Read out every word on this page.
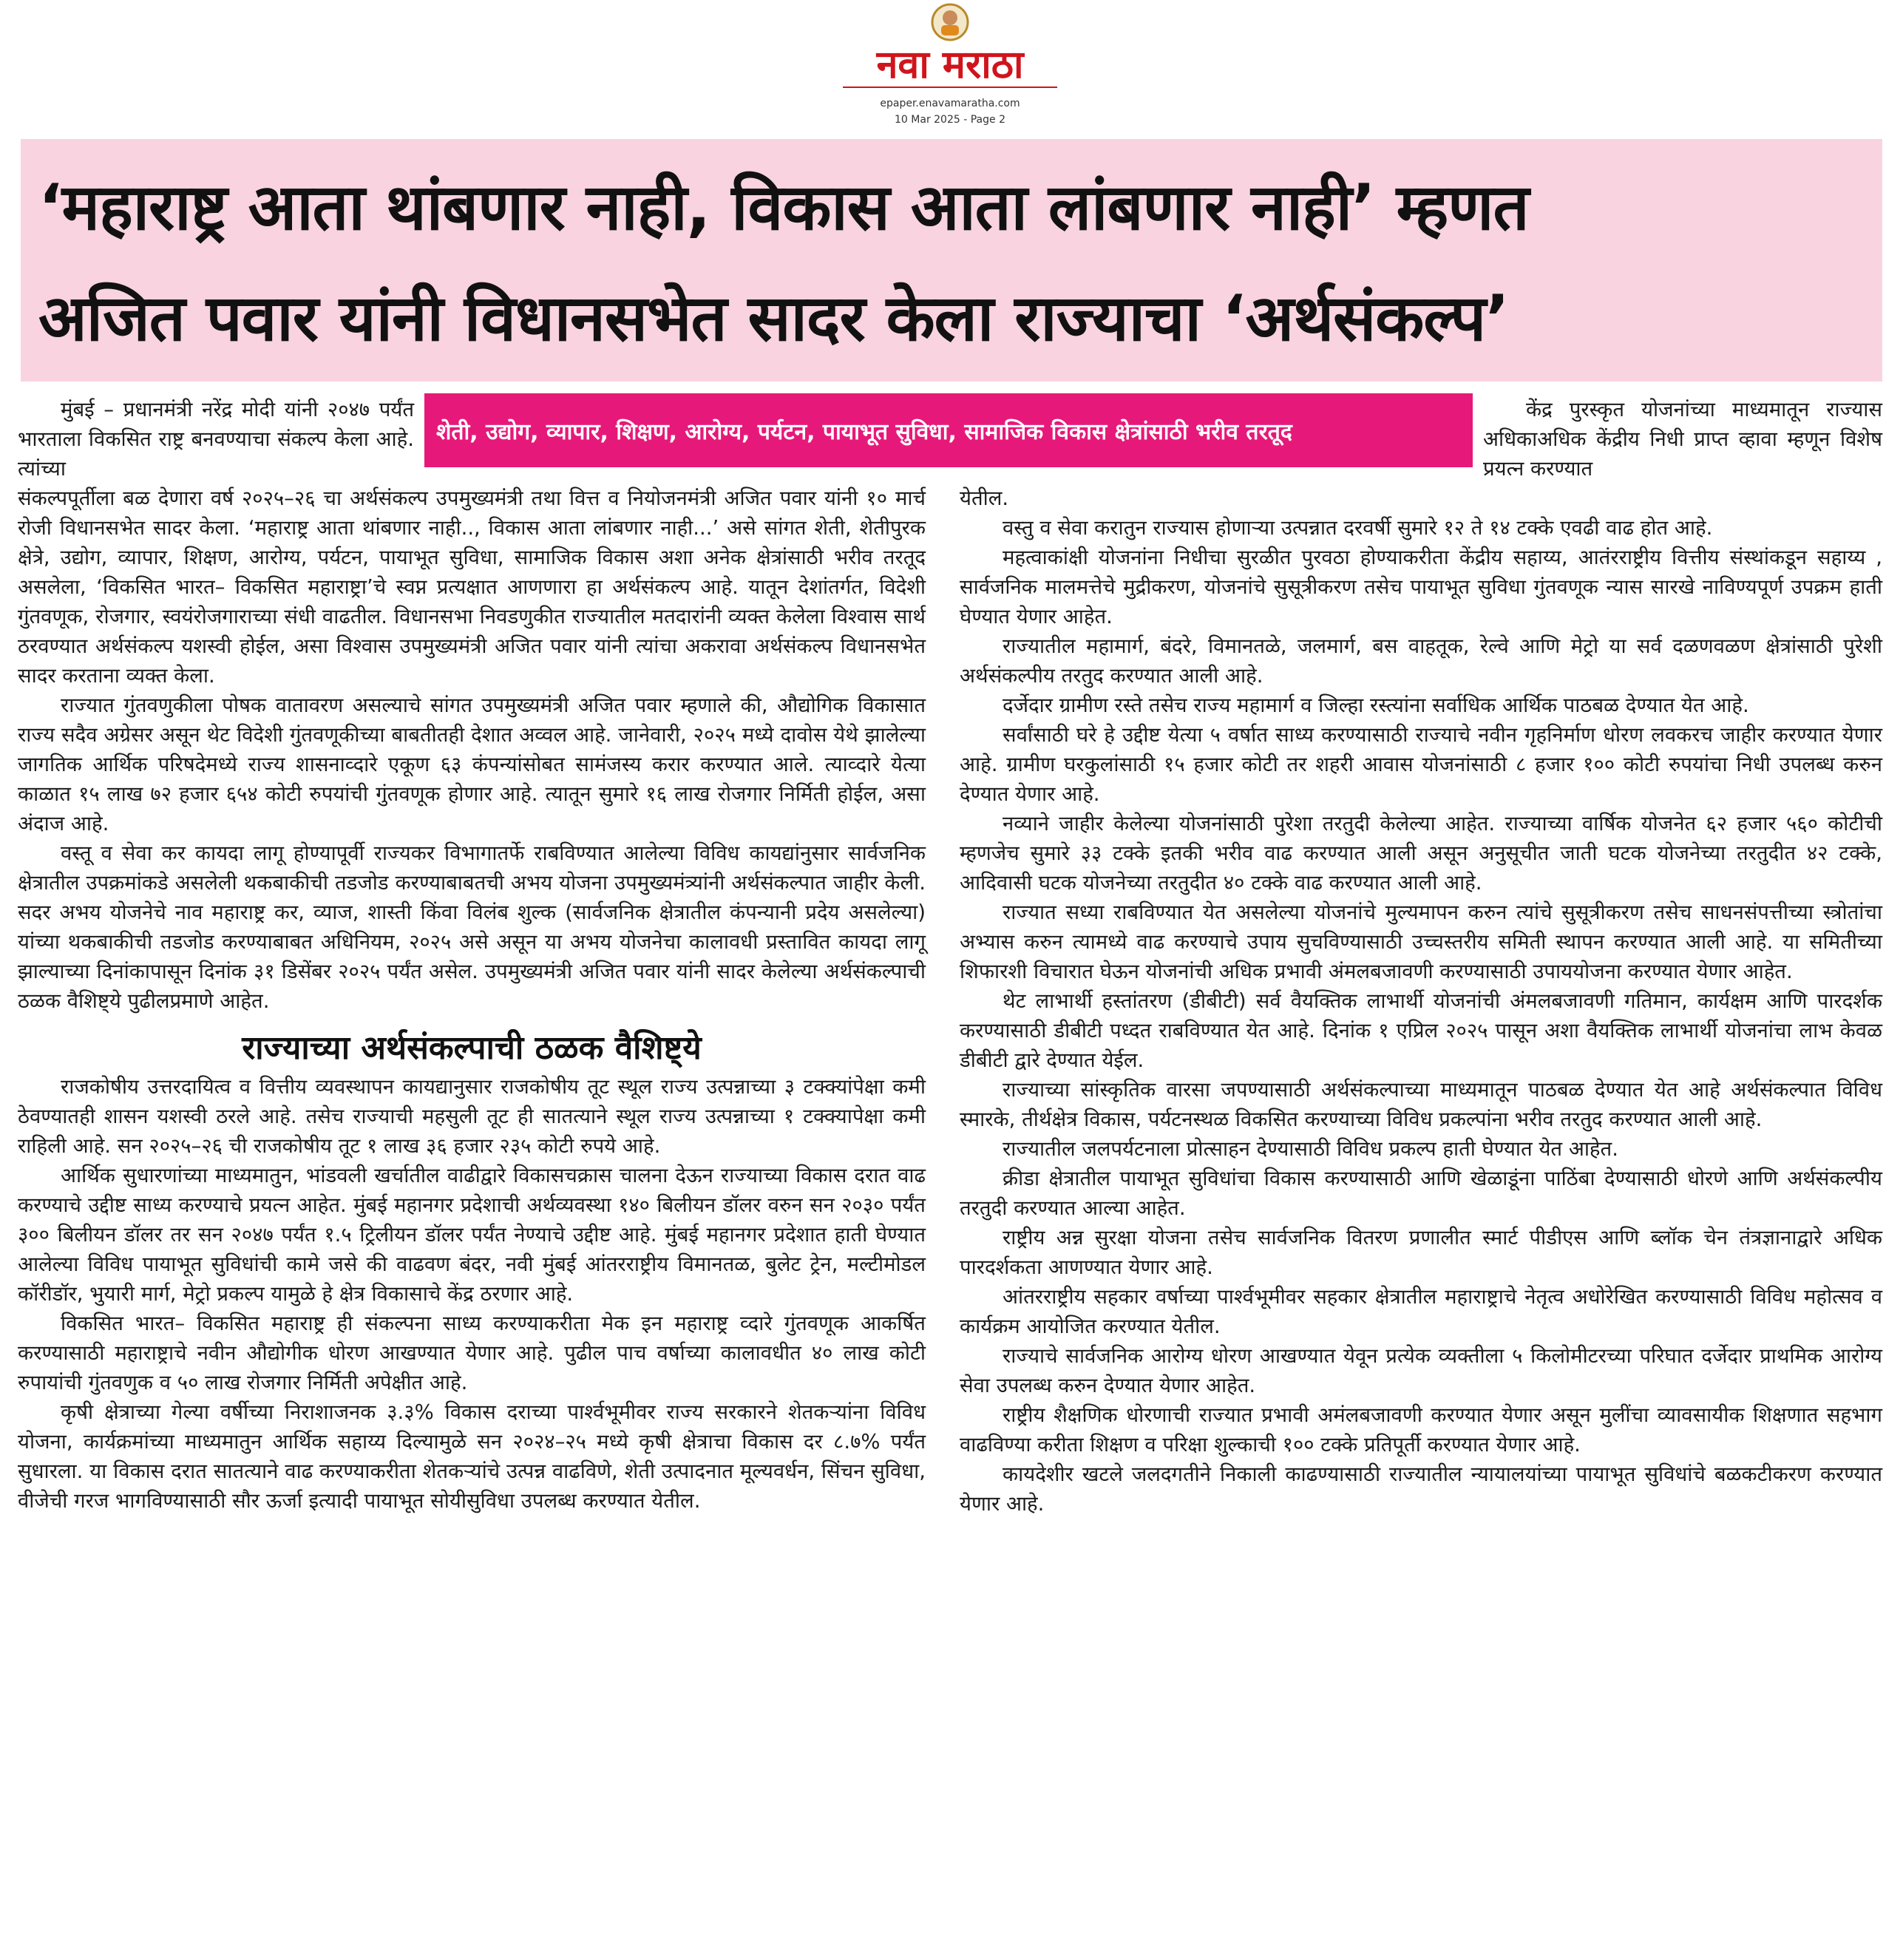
नवा मराठा
epaper.enavamaratha.com
10 Mar 2025 - Page 2
‘महाराष्ट्र आता थांबणार नाही, विकास आता लांबणार नाही’ म्हणत
अजित पवार यांनी विधानसभेत सादर केला राज्याचा ‘अर्थसंकल्प’
शेती, उद्योग, व्यापार, शिक्षण, आरोग्य, पर्यटन, पायाभूत सुविधा, सामाजिक विकास क्षेत्रांसाठी भरीव तरतूद

मुंबई – प्रधानमंत्री नरेंद्र मोदी यांनी २०४७ पर्यंत भारताला विकसित राष्ट्र बनवण्याचा संकल्प केला आहे. त्यांच्या

संकल्पपूर्तीला बळ देणारा वर्ष २०२५–२६ चा अर्थसंकल्प उपमुख्यमंत्री तथा वित्त व नियोजनमंत्री अजित पवार यांनी १० मार्च रोजी विधानसभेत सादर केला. ‘महाराष्ट्र आता थांबणार नाही.., विकास आता लांबणार नाही...’ असे सांगत शेती, शेतीपुरक क्षेत्रे, उद्योग, व्यापार, शिक्षण, आरोग्य, पर्यटन, पायाभूत सुविधा, सामाजिक विकास अशा अनेक क्षेत्रांसाठी भरीव तरतूद असलेला, ‘विकसित भारत– विकसित महाराष्ट्रा’चे स्वप्न प्रत्यक्षात आणणारा हा अर्थसंकल्प आहे. यातून देशांतर्गत, विदेशी गुंतवणूक, रोजगार, स्वयंरोजगाराच्या संधी वाढतील. विधानसभा निवडणुकीत राज्यातील मतदारांनी व्यक्त केलेला विश्वास सार्थ ठरवण्यात अर्थसंकल्प यशस्वी होईल, असा विश्वास उपमुख्यमंत्री अजित पवार यांनी त्यांचा अकरावा अर्थसंकल्प विधानसभेत सादर करताना व्यक्त केला.

राज्यात गुंतवणुकीला पोषक वातावरण असल्याचे सांगत उपमुख्यमंत्री अजित पवार म्हणाले की, औद्योगिक विकासात राज्य सदैव अग्रेसर असून थेट विदेशी गुंतवणूकीच्या बाबतीतही देशात अव्वल आहे. जानेवारी, २०२५ मध्ये दावोस येथे झालेल्या जागतिक आर्थिक परिषदेमध्ये राज्य शासनाव्दारे एकूण ६३ कंपन्यांसोबत सामंजस्य करार करण्यात आले. त्याव्दारे येत्या काळात १५ लाख ७२ हजार ६५४ कोटी रुपयांची गुंतवणूक होणार आहे. त्यातून सुमारे १६ लाख रोजगार निर्मिती होईल, असा अंदाज आहे.

वस्तू व सेवा कर कायदा लागू होण्यापूर्वी राज्यकर विभागातर्फे राबविण्यात आलेल्या विविध कायद्यांनुसार सार्वजनिक क्षेत्रातील उपक्रमांकडे असलेली थकबाकीची तडजोड करण्याबाबतची अभय योजना उपमुख्यमंत्र्यांनी अर्थसंकल्पात जाहीर केली. सदर अभय योजनेचे नाव महाराष्ट्र कर, व्याज, शास्ती किंवा विलंब शुल्क (सार्वजनिक क्षेत्रातील कंपन्यानी प्रदेय असलेल्या) यांच्या थकबाकीची तडजोड करण्याबाबत अधिनियम, २०२५ असे असून या अभय योजनेचा कालावधी प्रस्तावित कायदा लागू झाल्याच्या दिनांकापासून दिनांक ३१ डिसेंबर २०२५ पर्यंत असेल. उपमुख्यमंत्री अजित पवार यांनी सादर केलेल्या अर्थसंकल्पाची ठळक वैशिष्ट्ये पुढीलप्रमाणे आहेत.

राज्याच्या अर्थसंकल्पाची ठळक वैशिष्ट्ये

राजकोषीय उत्तरदायित्व व वित्तीय व्यवस्थापन कायद्यानुसार राजकोषीय तूट स्थूल राज्य उत्पन्नाच्या ३ टक्क्यांपेक्षा कमी ठेवण्यातही शासन यशस्वी ठरले आहे. तसेच राज्याची महसुली तूट ही सातत्याने स्थूल राज्य उत्पन्नाच्या १ टक्क्यापेक्षा कमी राहिली आहे. सन २०२५–२६ ची राजकोषीय तूट १ लाख ३६ हजार २३५ कोटी रुपये आहे.

आर्थिक सुधारणांच्या माध्यमातुन, भांडवली खर्चातील वाढीद्वारे विकासचक्रास चालना देऊन राज्याच्या विकास दरात वाढ करण्याचे उद्दीष्ट साध्य करण्याचे प्रयत्न आहेत. मुंबई महानगर प्रदेशाची अर्थव्यवस्था १४० बिलीयन डॉलर वरुन सन २०३० पर्यंत ३०० बिलीयन डॉलर तर सन २०४७ पर्यंत १.५ ट्रिलीयन डॉलर पर्यंत नेण्याचे उद्दीष्ट आहे. मुंबई महानगर प्रदेशात हाती घेण्यात आलेल्या विविध पायाभूत सुविधांची कामे जसे की वाढवण बंदर, नवी मुंबई आंतरराष्ट्रीय विमानतळ, बुलेट ट्रेन, मल्टीमोडल कॉरीडॉर, भुयारी मार्ग, मेट्रो प्रकल्प यामुळे हे क्षेत्र विकासाचे केंद्र ठरणार आहे.

विकसित भारत– विकसित महाराष्ट्र ही संकल्पना साध्य करण्याकरीता मेक इन महाराष्ट्र व्दारे गुंतवणूक आकर्षित करण्यासाठी महाराष्ट्राचे नवीन औद्योगीक धोरण आखण्यात येणार आहे. पुढील पाच वर्षाच्या कालावधीत ४० लाख कोटी रुपायांची गुंतवणुक व ५० लाख रोजगार निर्मिती अपेक्षीत आहे.

कृषी क्षेत्राच्या गेल्या वर्षीच्या निराशाजनक ३.३% विकास दराच्या पार्श्वभूमीवर राज्य सरकारने शेतकऱ्यांना विविध योजना, कार्यक्रमांच्या माध्यमातुन आर्थिक सहाय्य दिल्यामुळे सन २०२४–२५ मध्ये कृषी क्षेत्राचा विकास दर ८.७% पर्यंत सुधारला. या विकास दरात सातत्याने वाढ करण्याकरीता शेतकऱ्यांचे उत्पन्न वाढविणे, शेती उत्पादनात मूल्यवर्धन, सिंचन सुविधा, वीजेची गरज भागविण्यासाठी सौर ऊर्जा इत्यादी पायाभूत सोयीसुविधा उपलब्ध करण्यात येतील.

केंद्र पुरस्कृत योजनांच्या माध्यमातून राज्यास अधिकाअधिक केंद्रीय निधी प्राप्त व्हावा म्हणून विशेष प्रयत्न करण्यात

येतील.

वस्तु व सेवा करातुन राज्यास होणाऱ्या उत्पन्नात दरवर्षी सुमारे १२ ते १४ टक्के एवढी वाढ होत आहे.

महत्वाकांक्षी योजनांना निधीचा सुरळीत पुरवठा होण्याकरीता केंद्रीय सहाय्य, आतंरराष्ट्रीय वित्तीय संस्थांकडून सहाय्य , सार्वजनिक मालमत्तेचे मुद्रीकरण, योजनांचे सुसूत्रीकरण तसेच पायाभूत सुविधा गुंतवणूक न्यास सारखे नाविण्यपूर्ण उपक्रम हाती घेण्यात येणार आहेत.

राज्यातील महामार्ग, बंदरे, विमानतळे, जलमार्ग, बस वाहतूक, रेल्वे आणि मेट्रो या सर्व दळणवळण क्षेत्रांसाठी पुरेशी अर्थसंकल्पीय तरतुद करण्यात आली आहे.

दर्जेदार ग्रामीण रस्ते तसेच राज्य महामार्ग व जिल्हा रस्त्यांना सर्वाधिक आर्थिक पाठबळ देण्यात येत आहे.

सर्वांसाठी घरे हे उद्दीष्ट येत्या ५ वर्षात साध्य करण्यासाठी राज्याचे नवीन गृहनिर्माण धोरण लवकरच जाहीर करण्यात येणार आहे. ग्रामीण घरकुलांसाठी १५ हजार कोटी तर शहरी आवास योजनांसाठी ८ हजार १०० कोटी रुपयांचा निधी उपलब्ध करुन देण्यात येणार आहे.

नव्याने जाहीर केलेल्या योजनांसाठी पुरेशा तरतुदी केलेल्या आहेत. राज्याच्या वार्षिक योजनेत ६२ हजार ५६० कोटीची म्हणजेच सुमारे ३३ टक्के इतकी भरीव वाढ करण्यात आली असून अनुसूचीत जाती घटक योजनेच्या तरतुदीत ४२ टक्के, आदिवासी घटक योजनेच्या तरतुदीत ४० टक्के वाढ करण्यात आली आहे.

राज्यात सध्या राबविण्यात येत असलेल्या योजनांचे मुल्यमापन करुन त्यांचे सुसूत्रीकरण तसेच साधनसंपत्तीच्या स्त्रोतांचा अभ्यास करुन त्यामध्ये वाढ करण्याचे उपाय सुचविण्यासाठी उच्चस्तरीय समिती स्थापन करण्यात आली आहे. या समितीच्या शिफारशी विचारात घेऊन योजनांची अधिक प्रभावी अंमलबजावणी करण्यासाठी उपाययोजना करण्यात येणार आहेत.

थेट लाभार्थी हस्तांतरण (डीबीटी) सर्व वैयक्तिक लाभार्थी योजनांची अंमलबजावणी गतिमान, कार्यक्षम आणि पारदर्शक करण्यासाठी डीबीटी पध्दत राबविण्यात येत आहे. दिनांक १ एप्रिल २०२५ पासून अशा वैयक्तिक लाभार्थी योजनांचा लाभ केवळ डीबीटी द्वारे देण्यात येईल.

राज्याच्या सांस्कृतिक वारसा जपण्यासाठी अर्थसंकल्पाच्या माध्यमातून पाठबळ देण्यात येत आहे अर्थसंकल्पात विविध स्मारके, तीर्थक्षेत्र विकास, पर्यटनस्थळ विकसित करण्याच्या विविध प्रकल्पांना भरीव तरतुद करण्यात आली आहे.

राज्यातील जलपर्यटनाला प्रोत्साहन देण्यासाठी विविध प्रकल्प हाती घेण्यात येत आहेत.

क्रीडा क्षेत्रातील पायाभूत सुविधांचा विकास करण्यासाठी आणि खेळाडूंना पाठिंबा देण्यासाठी धोरणे आणि अर्थसंकल्पीय तरतुदी करण्यात आल्या आहेत.

राष्ट्रीय अन्न सुरक्षा योजना तसेच सार्वजनिक वितरण प्रणालीत स्मार्ट पीडीएस आणि ब्लॉक चेन तंत्रज्ञानाद्वारे अधिक पारदर्शकता आणण्यात येणार आहे.

आंतरराष्ट्रीय सहकार वर्षाच्या पार्श्वभूमीवर सहकार क्षेत्रातील महाराष्ट्राचे नेतृत्व अधोरेखित करण्यासाठी विविध महोत्सव व कार्यक्रम आयोजित करण्यात येतील.

राज्याचे सार्वजनिक आरोग्य धोरण आखण्यात येवून प्रत्येक व्यक्तीला ५ किलोमीटरच्या परिघात दर्जेदार प्राथमिक आरोग्य सेवा उपलब्ध करुन देण्यात येणार आहेत.

राष्ट्रीय शैक्षणिक धोरणाची राज्यात प्रभावी अमंलबजावणी करण्यात येणार असून मुलींचा व्यावसायीक शिक्षणात सहभाग वाढविण्या करीता शिक्षण व परिक्षा शुल्काची १०० टक्के प्रतिपूर्ती करण्यात येणार आहे.

कायदेशीर खटले जलदगतीने निकाली काढण्यासाठी राज्यातील न्यायालयांच्या पायाभूत सुविधांचे बळकटीकरण करण्यात येणार आहे.
